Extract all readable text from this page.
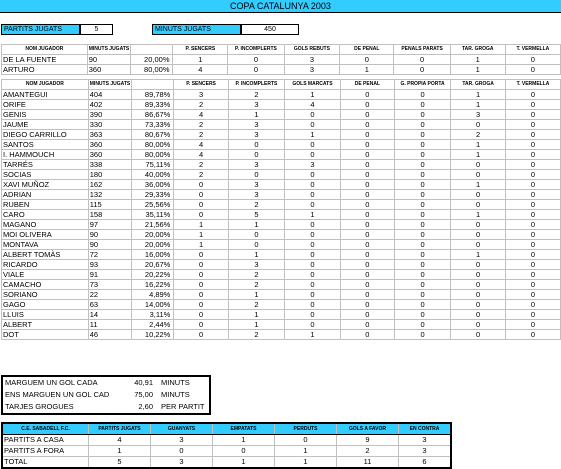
COPA CATALUNYA 2003
PARTITS JUGATS	5	MINUTS JUGATS	450
NOM JUGADOR	MINUTS JUGATS		P. SENCERS	P. INCOMPLERTS	GOLS REBUTS	DE PENAL	PENALS PARATS	TAR. GROGA	T. VERMELLA
DE LA FUENTE	90	20,00%	1	0	3	0	0	1	0
ARTURO	360	80,00%	4	0	3	1	0	1	0
NOM JUGADOR	MINUTS JUGATS		P. SENCERS	P. INCOMPLERTS	GOLS MARCATS	DE PENAL	G. PROPIA PORTA	TAR. GROGA	T. VERMELLA
AMANTEGUI	404	89,78%	3	2	1	0	0	1	0
ORIFE	402	89,33%	2	3	4	0	0	1	0
GENIS	390	86,67%	4	1	0	0	0	3	0
JAUME	330	73,33%	2	3	0	0	0	0	0
DIEGO CARRILLO	363	80,67%	2	3	1	0	0	2	0
SANTOS	360	80,00%	4	0	0	0	0	1	0
I. HAMMOUCH	360	80,00%	4	0	0	0	0	1	0
TARRÉS	338	75,11%	2	3	3	0	0	0	0
SOCIAS	180	40,00%	2	0	0	0	0	0	0
XAVI MUÑOZ	162	36,00%	0	3	0	0	0	1	0
ADRIAN	132	29,33%	0	3	0	0	0	0	0
RUBEN	115	25,56%	0	2	0	0	0	0	0
CARO	158	35,11%	0	5	1	0	0	1	0
MAGANO	97	21,56%	1	1	0	0	0	0	0
MOI OLIVERA	90	20,00%	1	0	0	0	0	0	0
MONTAVA	90	20,00%	1	0	0	0	0	0	0
ALBERT TOMÀS	72	16,00%	0	1	0	0	0	1	0
RICARDO	93	20,67%	0	3	0	0	0	0	0
VIALE	91	20,22%	0	2	0	0	0	0	0
CAMACHO	73	16,22%	0	2	0	0	0	0	0
SORIANO	22	4,89%	0	1	0	0	0	0	0
GAGO	63	14,00%	0	2	0	0	0	0	0
LLUIS	14	3,11%	0	1	0	0	0	0	0
ALBERT	11	2,44%	0	1	0	0	0	0	0
DOT	46	10,22%	0	2	1	0	0	0	0
MARGUEM UN GOL CADA	40,91 MINUTS
ENS MARGUEN UN GOL CAD	75,00 MINUTS
TARJES GROGUES	2,60 PER PARTIT
C.E. SABADELL F.C.	PARTITS JUGATS	GUANYATS	EMPATATS	PERDUTS	GOLS A FAVOR	EN CONTRA
PARTITS A CASA	4	3	1	0	9	3
PARTITS A FORA	1	0	0	1	2	3
TOTAL	5	3	1	1	11	6
